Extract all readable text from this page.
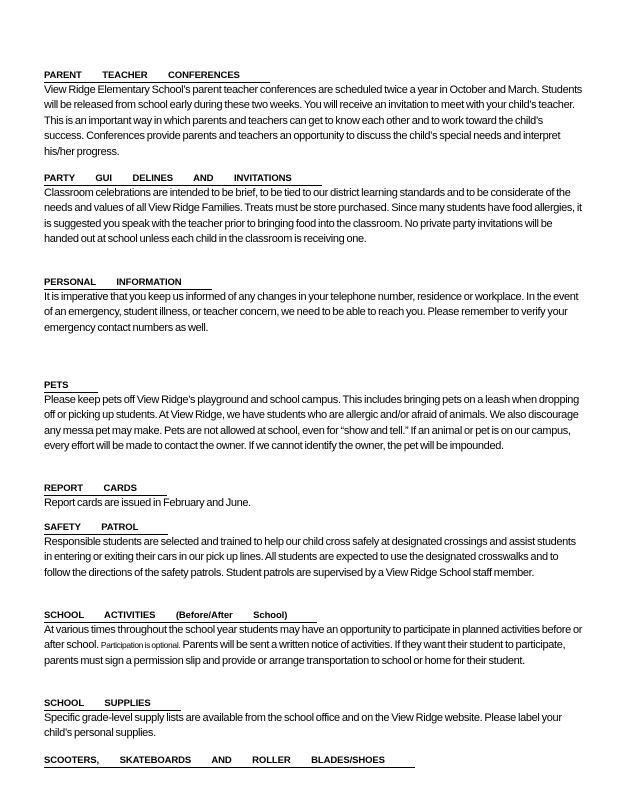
PARENT TEACHER CONFERENCES

View Ridge Elementary School’s parent teacher conferences are scheduled twice a year in October and March. Students will be released from school early during these two weeks. You will receive an invitation to meet with your child’s teacher. This is an important way in which parents and teachers can get to know each other and to work toward the child’s success. Conferences provide parents and teachers an opportunity to discuss the child’s special needs and interpret his/her progress.

PARTY GUI DELINES AND INVITATIONS

Classroom celebrations are intended to be brief, to be tied to our district learning standards and to be considerate of the needs and values of all View Ridge Families. Treats must be store purchased. Since many students have food allergies, it is suggested you speak with the teacher prior to bringing food into the classroom. No private party invitations will be handed out at school unless each child in the classroom is receiving one.

PERSONAL INFORMATION

It is imperative that you keep us informed of any changes in your telephone number, residence or workplace. In the event of an emergency, student illness, or teacher concern, we need to be able to reach you. Please remember to verify your emergency contact numbers as well.

PETS

Please keep pets off View Ridge’s playground and school campus. This includes bringing pets on a leash when dropping off or picking up students. At View Ridge, we have students who are allergic and/or afraid of animals. We also discourage any messa pet may make. Pets are not allowed at school, even for “show and tell.” If an animal or pet is on our campus, every effort will be made to contact the owner. If we cannot identify the owner, the pet will be impounded.

REPORT CARDS

Report cards are issued in February and June.

SAFETY PATROL

Responsible students are selected and trained to help our child cross safely at designated crossings and assist students in entering or exiting their cars in our pick up lines. All students are expected to use the designated crosswalks and to follow the directions of the safety patrols. Student patrols are supervised by a View Ridge School staff member.

SCHOOL ACTIVITIES (Before/After School)

At various times throughout the school year students may have an opportunity to participate in planned activities before or after school. Participation is optional. Parents will be sent a written notice of activities. If they want their student to participate, parents must sign a permission slip and provide or arrange transportation to school or home for their student.

SCHOOL SUPPLIES

Specific grade-level supply lists are available from the school office and on the View Ridge website. Please label your child’s personal supplies.

SCOOTERS, SKATEBOARDS AND ROLLER BLADES/SHOES
